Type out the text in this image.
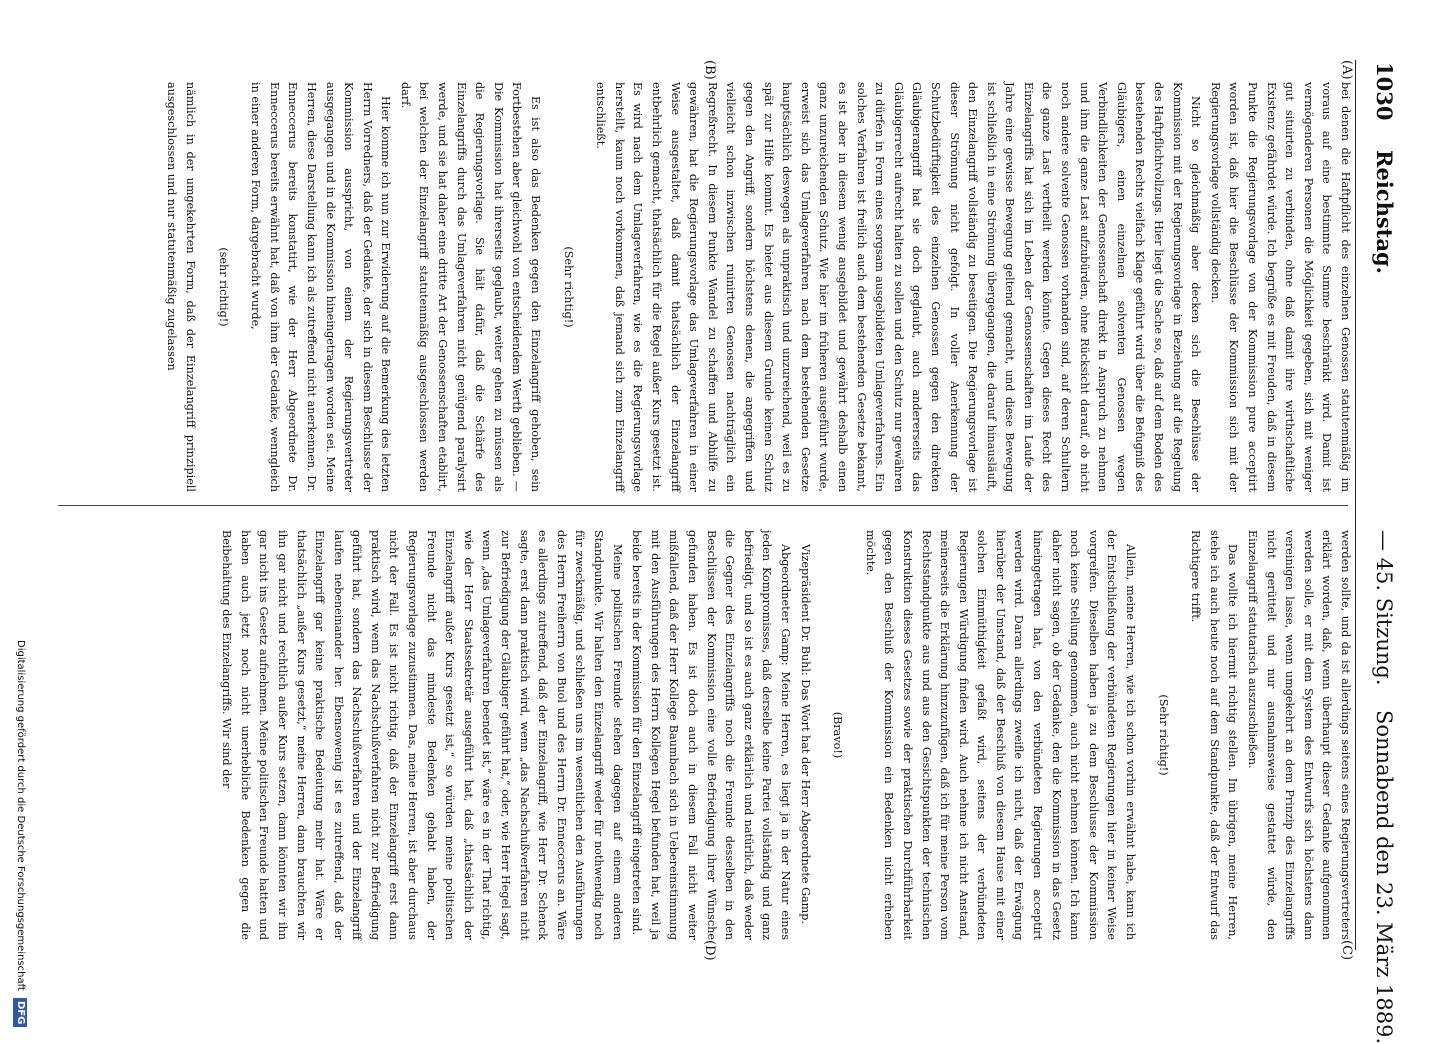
1030
Reichstag.
— 45. Sitzung.
Sonnabend den 23. März 1889.
(A)
(B)
(C)
(D)

bei denen die Haftpflicht des einzelnen Genossen statutenmäßig im voraus auf eine bestimmte Summe beschränkt wird. Damit ist vermögenderen Personen die Möglichkeit gegeben, sich mit weniger gut situirten zu verbinden, ohne daß damit ihre wirthschaftliche Existenz gefährdet würde. Ich begrüße es mit Freuden, daß in diesem Punkte die Regierungsvorlage von der Kommission pure acceptirt worden ist, daß hier die Beschlüsse der Kommission sich mit der Regierungsvorlage vollständig decken.

Nicht so gleichmäßig aber decken sich die Beschlüsse der Kommission mit der Regierungsvorlage in Beziehung auf die Regelung des Haftpflichtvollzugs. Hier liegt die Sache so, daß auf dem Boden des bestehenden Rechts vielfach Klage geführt wird über die Befugniß des Gläubigers, einen einzelnen solventen Genossen wegen Verbindlichkeiten der Genossenschaft direkt in Anspruch zu nehmen und ihm die ganze Last aufzubürden, ohne Rücksicht darauf, ob nicht noch andere solvente Genossen vorhanden sind, auf deren Schultern die ganze Last vertheilt werden könnte. Gegen dieses Recht des Einzelangriffs hat sich im Leben der Genossenschaften im Laufe der Jahre eine gewisse Bewegung geltend gemacht, und diese Bewegung ist schließlich in eine Strömung übergegangen, die darauf hinausläuft, den Einzelangriff vollständig zu beseitigen. Die Regierungsvorlage ist dieser Strömung nicht gefolgt. In voller Anerkennung der Schutzbedürftigkeit des einzelnen Genossen gegen den direkten Gläubigerangriff hat sie doch geglaubt, auch andererseits das Gläubigerrecht aufrecht halten zu sollen und den Schutz nur gewähren zu dürfen in Form eines sorgsam ausgebildeten Umlageverfahrens. Ein solches Verfahren ist freilich auch dem bestehenden Gesetze bekannt, es ist aber in diesem wenig ausgebildet und gewährt deshalb einen ganz unzureichenden Schutz. Wie hier im früheren ausgeführt wurde, erweist sich das Umlageverfahren nach dem bestehenden Gesetze hauptsächlich deswegen als unpraktisch und unzureichend, weil es zu spät zur Hilfe kommt. Es bietet aus diesem Grunde keinen Schutz gegen den Angriff, sondern höchstens denen, die angegriffen und vielleicht schon inzwischen ruinirten Genossen nachträglich ein Regreßrecht. In diesem Punkte Wandel zu schaffen und Abhilfe zu gewähren, hat die Regierungsvorlage das Umlageverfahren in einer Weise ausgestaltet, daß damit thatsächlich der Einzelangriff entbehrlich gemacht, thatsächlich für die Regel außer Kurs gesetzt ist. Es wird nach dem Umlageverfahren, wie es die Regierungsvorlage herstellt, kaum noch vorkommen, daß jemand sich zum Einzelangriff entschließt.

(Sehr richtig!)

Es ist also das Bedenken gegen den Einzelangriff gehoben, sein Fortbestehen aber gleichwohl von entscheidendem Werth geblieben. — Die Kommission hat ihrerseits geglaubt, weiter gehen zu müssen als die Regierungsvorlage. Sie hält dafür, daß die Schärfe des Einzelangriffs durch das Umlageverfahren nicht genügend paralysirt werde, und sie hat daher eine dritte Art der Genossenschaften etablirt, bei welchen der Einzelangriff statutenmäßig ausgeschlossen werden darf.

Hier komme ich nun zur Erwiderung auf die Bemerkung des letzten Herrn Vorredners, daß der Gedanke, der sich in diesem Beschlusse der Kommission ausspricht, von einem der Regierungsvertreter ausgegangen und in die Kommission hineingetragen worden sei. Meine Herren, diese Darstellung kann ich als zutreffend nicht anerkennen. Dr. Enneccerus bereits konstatirt, wie der Herr Abgeordnete Dr. Enneccerus bereits erwähnt hat, daß von ihm der Gedanke, wenngleich in einer anderen Form, dargebracht wurde,

(sehr richtig!)

nämlich in der umgekehrten Form, daß der Einzelangriff prinzipiell ausgeschlossen und nur statutenmäßig zugelassen

werden sollte, und da ist allerdings seitens eines Regierungsvertreters erklärt worden, daß, wenn überhaupt dieser Gedanke aufgenommen werden solle, er mit dem System des Entwurfs sich höchstens dann vereinigen lasse, wenn umgekehrt an dem Prinzip des Einzelangriffs nicht gerüttelt und nur ausnahmsweise gestattet würde, den Einzelangriff statutarisch auszuschließen.

Das wollte ich hiermit richtig stellen. Im übrigen, meine Herren, stehe ich auch heute noch auf dem Standpunkte, daß der Entwurf das Richtigere trifft.

(Sehr richtig!)

Allein, meine Herren, wie ich schon vorhin erwähnt habe, kann ich der Entschließung der verbündeten Regierungen hier in keiner Weise vorgreifen. Dieselben haben ja zu dem Beschlusse der Kommission noch keine Stellung genommen, auch nicht nehmen können. Ich kann daher nicht sagen, ob der Gedanke, den die Kommission in das Gesetz hineingetragen hat, von den verbündeten Regierungen acceptirt werden wird. Daran allerdings zweifle ich nicht, daß der Erwägung hierüber der Umstand, daß der Beschluß von diesem Hause mit einer solchen Einmüthigkeit gefaßt wird, seitens der verbündeten Regierungen Würdigung finden wird. Auch nehme ich nicht Anstand, meinerseits die Erklärung hinzuzufügen, daß ich für meine Person vom Rechtsstandpunkte aus und aus den Gesichtspunkten der technischen Konstruktion dieses Gesetzes sowie der praktischen Durchführbarkeit gegen den Beschluß der Kommission ein Bedenken nicht erheben möchte.

(Bravo!)

Vizepräsident Dr. Buhl: Das Wort hat der Herr Abgeordnete Gamp.

Abgeordneter Gamp: Meine Herren, es liegt ja in der Natur eines jeden Kompromisses, daß derselbe keine Partei vollständig und ganz befriedigt, und so ist es auch ganz erklärlich und natürlich, daß weder die Gegner des Einzelangriffs noch die Freunde desselben in den Beschlüssen der Kommission eine volle Befriedigung ihrer Wünsche gefunden haben. Es ist doch auch in diesem Fall nicht weiter mißfallend, daß der Herr Kollege Baumbach sich in Uebereinstimmung mit den Ausführungen des Herrn Kollegen Hegel befunden hat, weil ja beide bereits in der Kommission für den Einzelangriff eingetreten sind.

Meine politischen Freunde stehen dagegen auf einem anderen Standpunkte. Wir halten den Einzelangriff weder für nothwendig noch für zweckmäßig, und schließen uns im wesentlichen den Ausführungen des Herrn Freiherrn von Buol und des Herrn Dr. Enneccerus an. Wäre es allerdings zutreffend, daß der Einzelangriff, wie Herr Dr. Schenck sagte, erst dann praktisch wird, wenn „das Nachschußverfahren nicht zur Befriedigung der Gläubiger geführt hat,“ oder, wie Herr Hegel sagt, wenn „das Umlageverfahren beendet ist,“ wäre es in der That richtig, wie der Herr Staatssekretär ausgeführt hat, daß „thatsächlich der Einzelangriff außer Kurs gesetzt ist,“ so würden meine politischen Freunde nicht das mindeste Bedenken gehabt haben, der Regierungsvorlage zuzustimmen. Das, meine Herren, ist aber durchaus nicht der Fall. Es ist nicht richtig, daß der Einzelangriff erst dann praktisch wird, wenn das Nachschußverfahren nicht zur Befriedigung geführt hat, sondern das Nachschußverfahren und der Einzelangriff laufen nebeneinander her. Ebensowenig ist es zutreffend, daß der Einzelangriff gar keine praktische Bedeutung mehr hat. Wäre er thatsächlich „außer Kurs gesetzt,“ meine Herren, dann brauchten wir ihn gar nicht und rechtlich außer Kurs setzen, dann könnten wir ihn gar nicht ins Gesetz aufnehmen. Meine politischen Freunde hatten und haben auch jetzt noch nicht unerhebliche Bedenken gegen die Beibehaltung des Einzelangriffs. Wir sind der

Digitalisierung gefördert durch die Deutsche Forschungsgemeinschaft DFG
